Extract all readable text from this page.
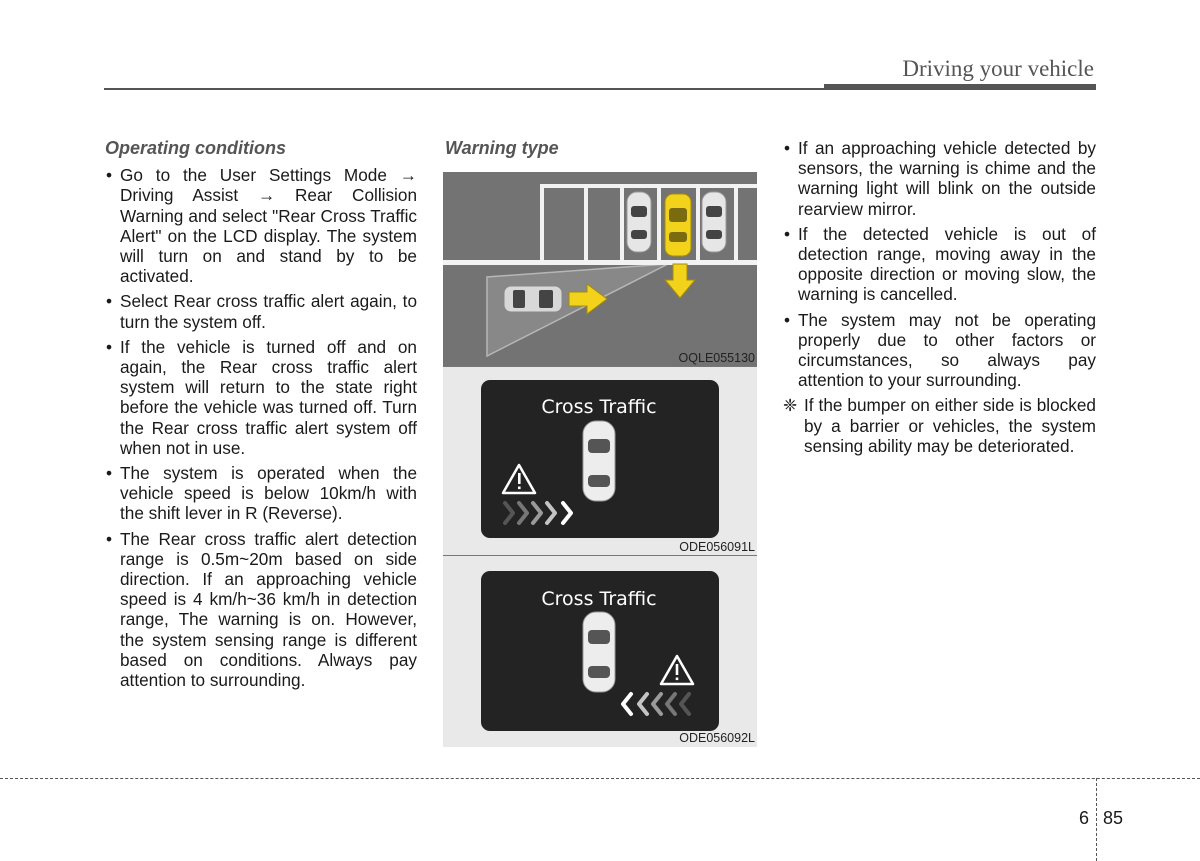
Driving your vehicle
Operating conditions
• Go to the User Settings Mode → Driving Assist → Rear Collision Warning and select "Rear Cross Traffic Alert" on the LCD display. The system will turn on and stand by to be activated.
• Select Rear cross traffic alert again, to turn the system off.
• If the vehicle is turned off and on again, the Rear cross traffic alert system will return to the state right before the vehicle was turned off. Turn the Rear cross traffic alert system off when not in use.
• The system is operated when the vehicle speed is below 10km/h with the shift lever in R (Reverse).
• The Rear cross traffic alert detection range is 0.5m~20m based on side direction. If an approaching vehicle speed is 4 km/h~36 km/h in detection range, The warning is on. However, the system sensing range is different based on conditions. Always pay attention to surrounding.
Warning type
OQLE055130
Cross Traffic
ODE056091L
Cross Traffic
ODE056092L
• If an approaching vehicle detected by sensors, the warning is chime and the warning light will blink on the outside rearview mirror.
• If the detected vehicle is out of detection range, moving away in the opposite direction or moving slow, the warning is cancelled.
• The system may not be operating properly due to other factors or circumstances, so always pay attention to your surrounding.
❈ If the bumper on either side is blocked by a barrier or vehicles, the system sensing ability may be deteriorated.
6 85
